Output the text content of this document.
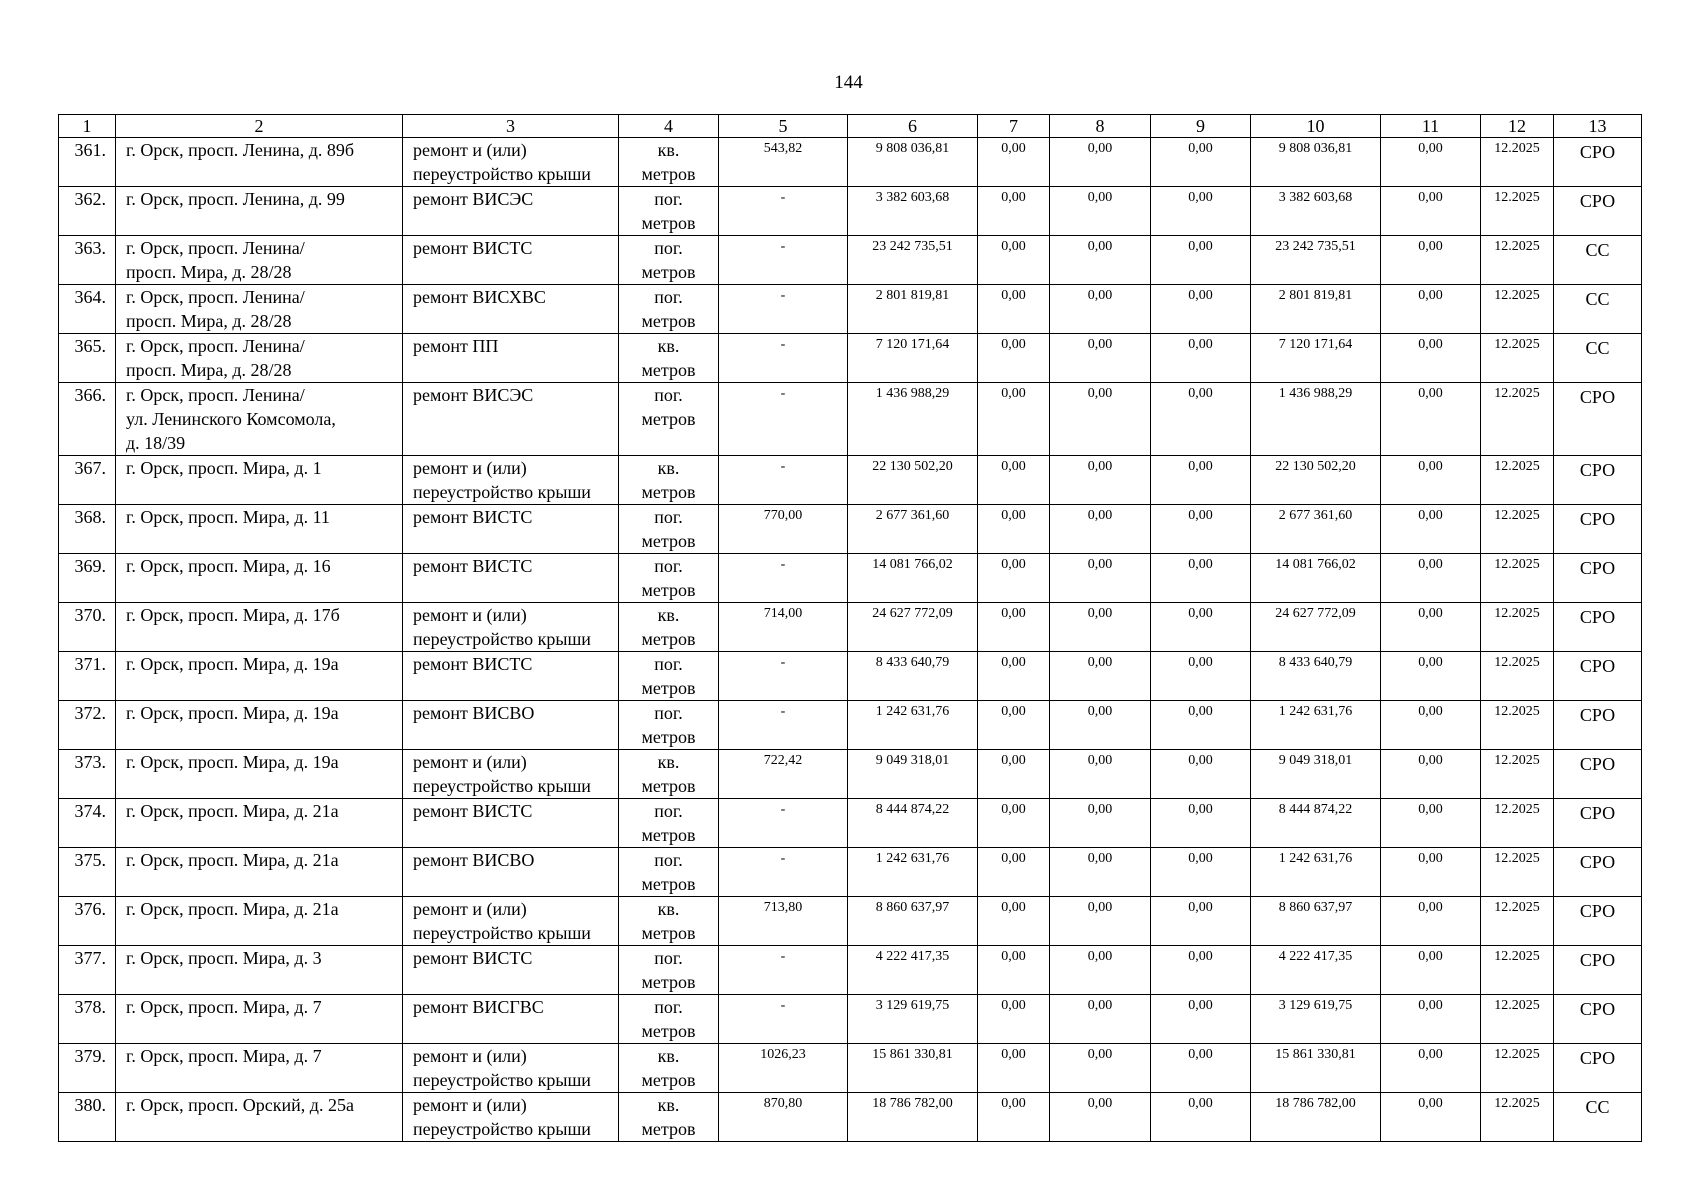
144
1	2	3	4	5	6	7	8	9	10	11	12	13
361.	г. Орск, просп. Ленина, д. 89б	ремонт и (или)
переустройство крыши	кв.
метров	543,82	9 808 036,81	0,00	0,00	0,00	9 808 036,81	0,00	12.2025	СРО
362.	г. Орск, просп. Ленина, д. 99	ремонт ВИСЭС	пог.
метров	-	3 382 603,68	0,00	0,00	0,00	3 382 603,68	0,00	12.2025	СРО
363.	г. Орск, просп. Ленина/
просп. Мира, д. 28/28	ремонт ВИСТС	пог.
метров	-	23 242 735,51	0,00	0,00	0,00	23 242 735,51	0,00	12.2025	СС
364.	г. Орск, просп. Ленина/
просп. Мира, д. 28/28	ремонт ВИСХВС	пог.
метров	-	2 801 819,81	0,00	0,00	0,00	2 801 819,81	0,00	12.2025	СС
365.	г. Орск, просп. Ленина/
просп. Мира, д. 28/28	ремонт ПП	кв.
метров	-	7 120 171,64	0,00	0,00	0,00	7 120 171,64	0,00	12.2025	СС
366.	г. Орск, просп. Ленина/
ул. Ленинского Комсомола,
д. 18/39	ремонт ВИСЭС	пог.
метров	-	1 436 988,29	0,00	0,00	0,00	1 436 988,29	0,00	12.2025	СРО
367.	г. Орск, просп. Мира, д. 1	ремонт и (или)
переустройство крыши	кв.
метров	-	22 130 502,20	0,00	0,00	0,00	22 130 502,20	0,00	12.2025	СРО
368.	г. Орск, просп. Мира, д. 11	ремонт ВИСТС	пог.
метров	770,00	2 677 361,60	0,00	0,00	0,00	2 677 361,60	0,00	12.2025	СРО
369.	г. Орск, просп. Мира, д. 16	ремонт ВИСТС	пог.
метров	-	14 081 766,02	0,00	0,00	0,00	14 081 766,02	0,00	12.2025	СРО
370.	г. Орск, просп. Мира, д. 17б	ремонт и (или)
переустройство крыши	кв.
метров	714,00	24 627 772,09	0,00	0,00	0,00	24 627 772,09	0,00	12.2025	СРО
371.	г. Орск, просп. Мира, д. 19а	ремонт ВИСТС	пог.
метров	-	8 433 640,79	0,00	0,00	0,00	8 433 640,79	0,00	12.2025	СРО
372.	г. Орск, просп. Мира, д. 19а	ремонт ВИСВО	пог.
метров	-	1 242 631,76	0,00	0,00	0,00	1 242 631,76	0,00	12.2025	СРО
373.	г. Орск, просп. Мира, д. 19а	ремонт и (или)
переустройство крыши	кв.
метров	722,42	9 049 318,01	0,00	0,00	0,00	9 049 318,01	0,00	12.2025	СРО
374.	г. Орск, просп. Мира, д. 21а	ремонт ВИСТС	пог.
метров	-	8 444 874,22	0,00	0,00	0,00	8 444 874,22	0,00	12.2025	СРО
375.	г. Орск, просп. Мира, д. 21а	ремонт ВИСВО	пог.
метров	-	1 242 631,76	0,00	0,00	0,00	1 242 631,76	0,00	12.2025	СРО
376.	г. Орск, просп. Мира, д. 21а	ремонт и (или)
переустройство крыши	кв.
метров	713,80	8 860 637,97	0,00	0,00	0,00	8 860 637,97	0,00	12.2025	СРО
377.	г. Орск, просп. Мира, д. 3	ремонт ВИСТС	пог.
метров	-	4 222 417,35	0,00	0,00	0,00	4 222 417,35	0,00	12.2025	СРО
378.	г. Орск, просп. Мира, д. 7	ремонт ВИСГВС	пог.
метров	-	3 129 619,75	0,00	0,00	0,00	3 129 619,75	0,00	12.2025	СРО
379.	г. Орск, просп. Мира, д. 7	ремонт и (или)
переустройство крыши	кв.
метров	1026,23	15 861 330,81	0,00	0,00	0,00	15 861 330,81	0,00	12.2025	СРО
380.	г. Орск, просп. Орский, д. 25а	ремонт и (или)
переустройство крыши	кв.
метров	870,80	18 786 782,00	0,00	0,00	0,00	18 786 782,00	0,00	12.2025	СС
